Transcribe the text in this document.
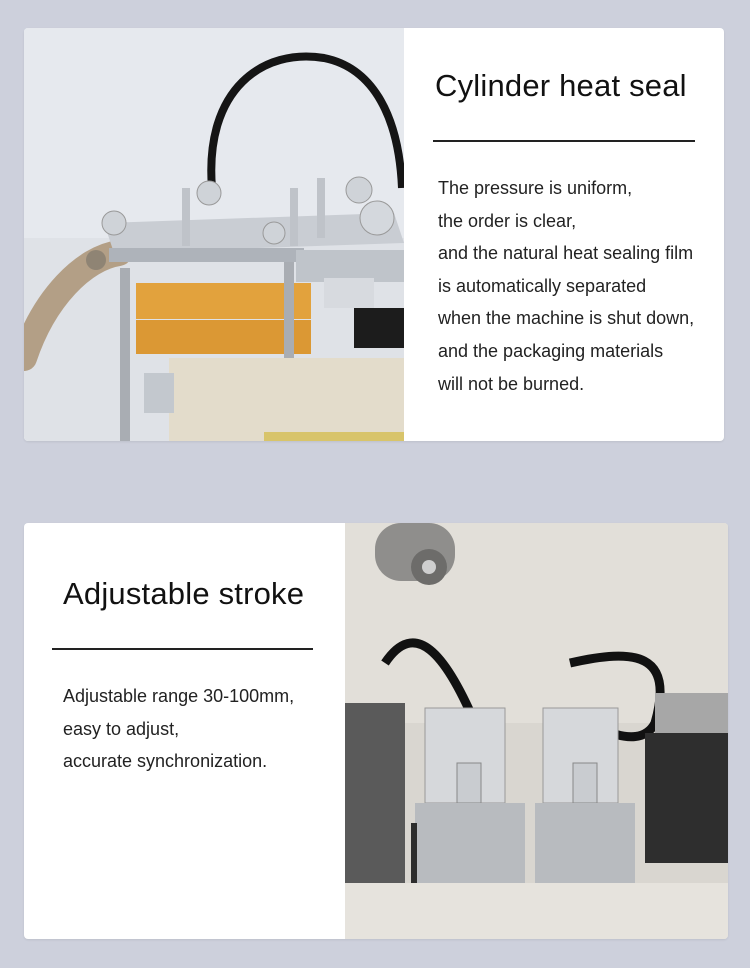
Cylinder heat seal
The pressure is uniform,
the order is clear,
and the natural heat sealing film
is automatically separated
when the machine is shut down,
and the packaging materials
will not be burned.
Adjustable stroke
Adjustable range 30-100mm,
easy to adjust,
accurate synchronization.
